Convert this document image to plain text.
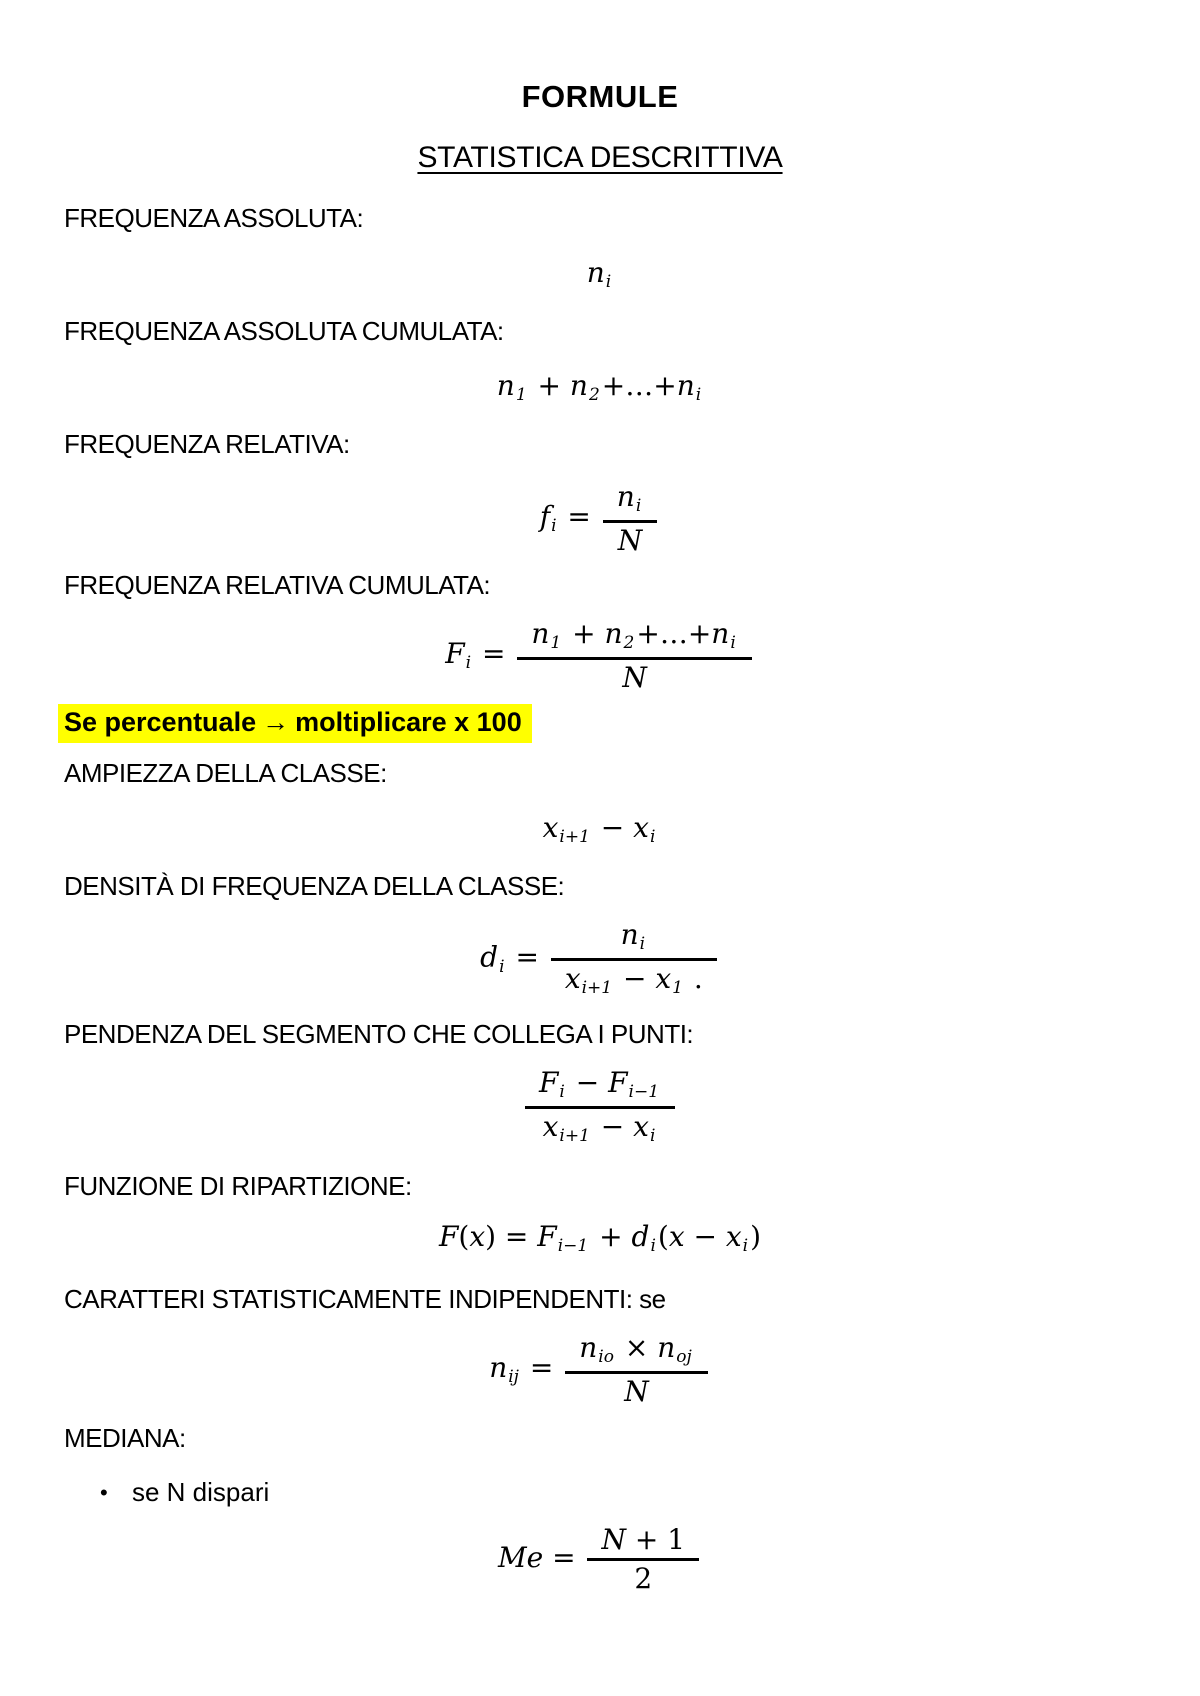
FORMULE
STATISTICA DESCRITTIVA
FREQUENZA ASSOLUTA:
ni
FREQUENZA ASSOLUTA CUMULATA:
n1 + n2+…+ni
FREQUENZA RELATIVA:
fi = $\frac{ni}{N}$
FREQUENZA RELATIVA CUMULATA:
$Fi = \frac{n1 + n2+\dots+ni}{N}$
Se percentuale → moltiplicare x 100
AMPIEZZA DELLA CLASSE:
xi+1 − xi
DENSITÀ DI FREQUENZA DELLA CLASSE:
di = $\frac{ni}{xi+1 - x1 .}$
PENDENZA DEL SEGMENTO CHE COLLEGA I PUNTI:
$\frac{Fi - Fi-1}{xi+1 - xi}$
FUNZIONE DI RIPARTIZIONE:
F(x) = Fi−1 + di(x − xi)
CARATTERI STATISTICAMENTE INDIPENDENTI: se
nij = $\frac{\text{nio × noj}}{N}$
MEDIANA:
• se N dispari
$Me = \frac{N + 1}{2}$
